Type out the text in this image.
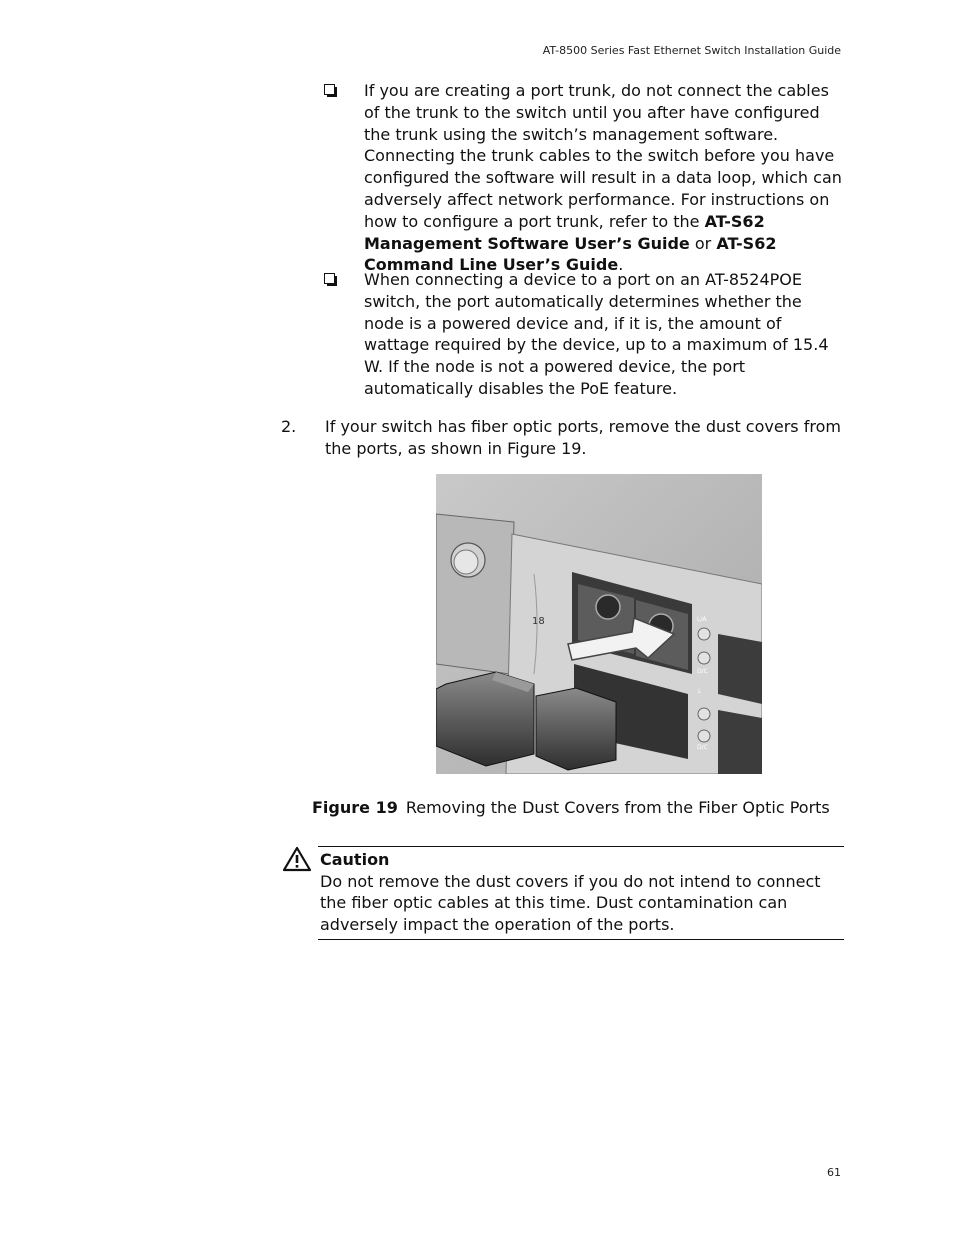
AT-8500 Series Fast Ethernet Switch Installation Guide
If you are creating a port trunk, do not connect the cables of the trunk to the switch until you after have configured the trunk using the switch’s management software. Connecting the trunk cables to the switch before you have configured the software will result in a data loop, which can adversely affect network performance. For instructions on how to configure a port trunk, refer to the AT-S62 Management Software User’s Guide or AT-S62 Command Line User’s Guide.
When connecting a device to a port on an AT-8524POE switch, the port automatically determines whether the node is a powered device and, if it is, the amount of wattage required by the device, up to a maximum of 15.4 W. If the node is not a powered device, the port automatically disables the PoE feature.
2. If your switch has fiber optic ports, remove the dust covers from the ports, as shown in Figure 19.
18	L/A
D/C
L
D/C
Figure 19 Removing the Dust Covers from the Fiber Optic Ports
Caution
Do not remove the dust covers if you do not intend to connect the fiber optic cables at this time. Dust contamination can adversely impact the operation of the ports.
61
